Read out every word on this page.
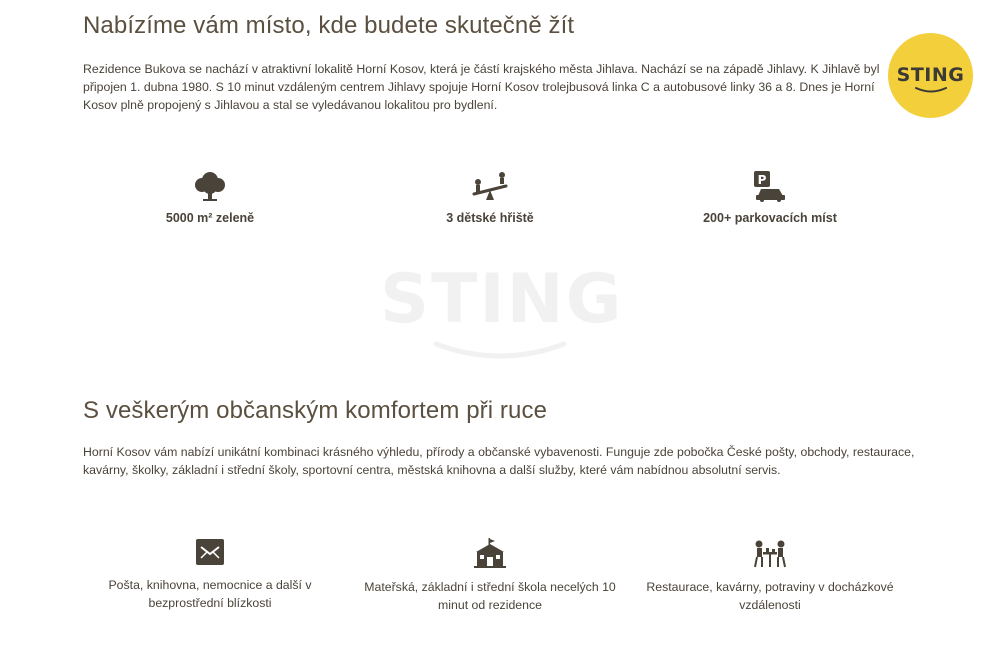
Nabízíme vám místo, kde budete skutečně žít

Rezidence Bukova se nachází v atraktivní lokalitě Horní Kosov, která je částí krajského města Jihlava. Nachází se na západě Jihlavy. K Jihlavě byl připojen 1. dubna 1980. S 10 minut vzdáleným centrem Jihlavy spojuje Horní Kosov trolejbusová linka C a autobusové linky 36 a 8. Dnes je Horní Kosov plně propojený s Jihlavou a stal se vyledávanou lokalitou pro bydlení.

STING
5000 m² zeleně	3 dětské hřiště
P
200+ parkovacích míst
STING
S veškerým občanským komfortem při ruce

Horní Kosov vám nabízí unikátní kombinaci krásného výhledu, přírody a občanské vybavenosti. Funguje zde pobočka České pošty, obchody, restaurace, kavárny, školky, základní i střední školy, sportovní centra, městská knihovna a další služby, které vám nabídnou absolutní servis.

Pošta, knihovna, nemocnice a další v bezprostřední blízkosti
Mateřská, základní i střední škola necelých 10 minut od rezidence
Restaurace, kavárny, potraviny v docházkové vzdálenosti
